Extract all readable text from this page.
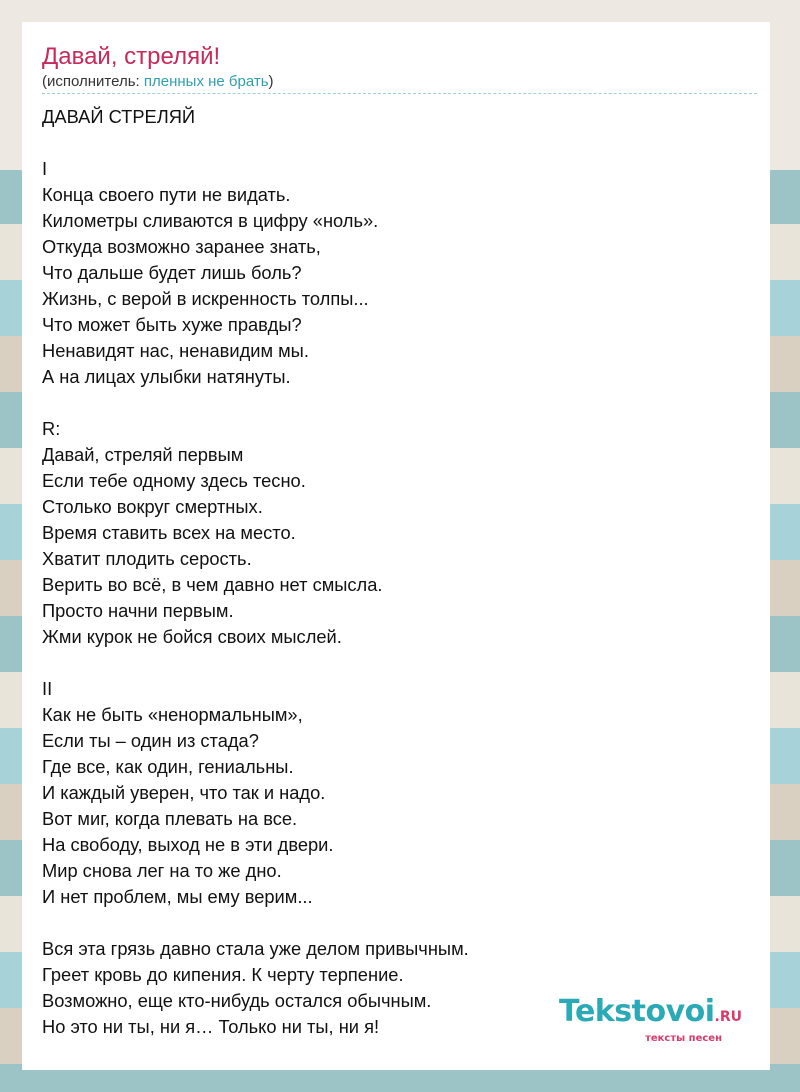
Давай, стреляй!
(исполнитель: пленных не брать)
ДАВАЙ СТРЕЛЯЙ
I
Конца своего пути не видать.
Километры сливаются в цифру «ноль».
Откуда возможно заранее знать,
Что дальше будет лишь боль?
Жизнь, с верой в искренность толпы...
Что может быть хуже правды?
Ненавидят нас, ненавидим мы.
А на лицах улыбки натянуты.
R:
Давай, стреляй первым
Если тебе одному здесь тесно.
Столько вокруг смертных.
Время ставить всех на место.
Хватит плодить серость.
Верить во всё, в чем давно нет смысла.
Просто начни первым.
Жми курок не бойся своих мыслей.
II
Как не быть «ненормальным»,
Если ты – один из стада?
Где все, как один, гениальны.
И каждый уверен, что так и надо.
Вот миг, когда плевать на все.
На свободу, выход не в эти двери.
Мир снова лег на то же дно.
И нет проблем, мы ему верим...
Вся эта грязь давно стала уже делом привычным.
Греет кровь до кипения. К черту терпение.
Возможно, еще кто-нибудь остался обычным.
Но это ни ты, ни я… Только ни ты, ни я!	Tekstovoi.RU
тексты песен
